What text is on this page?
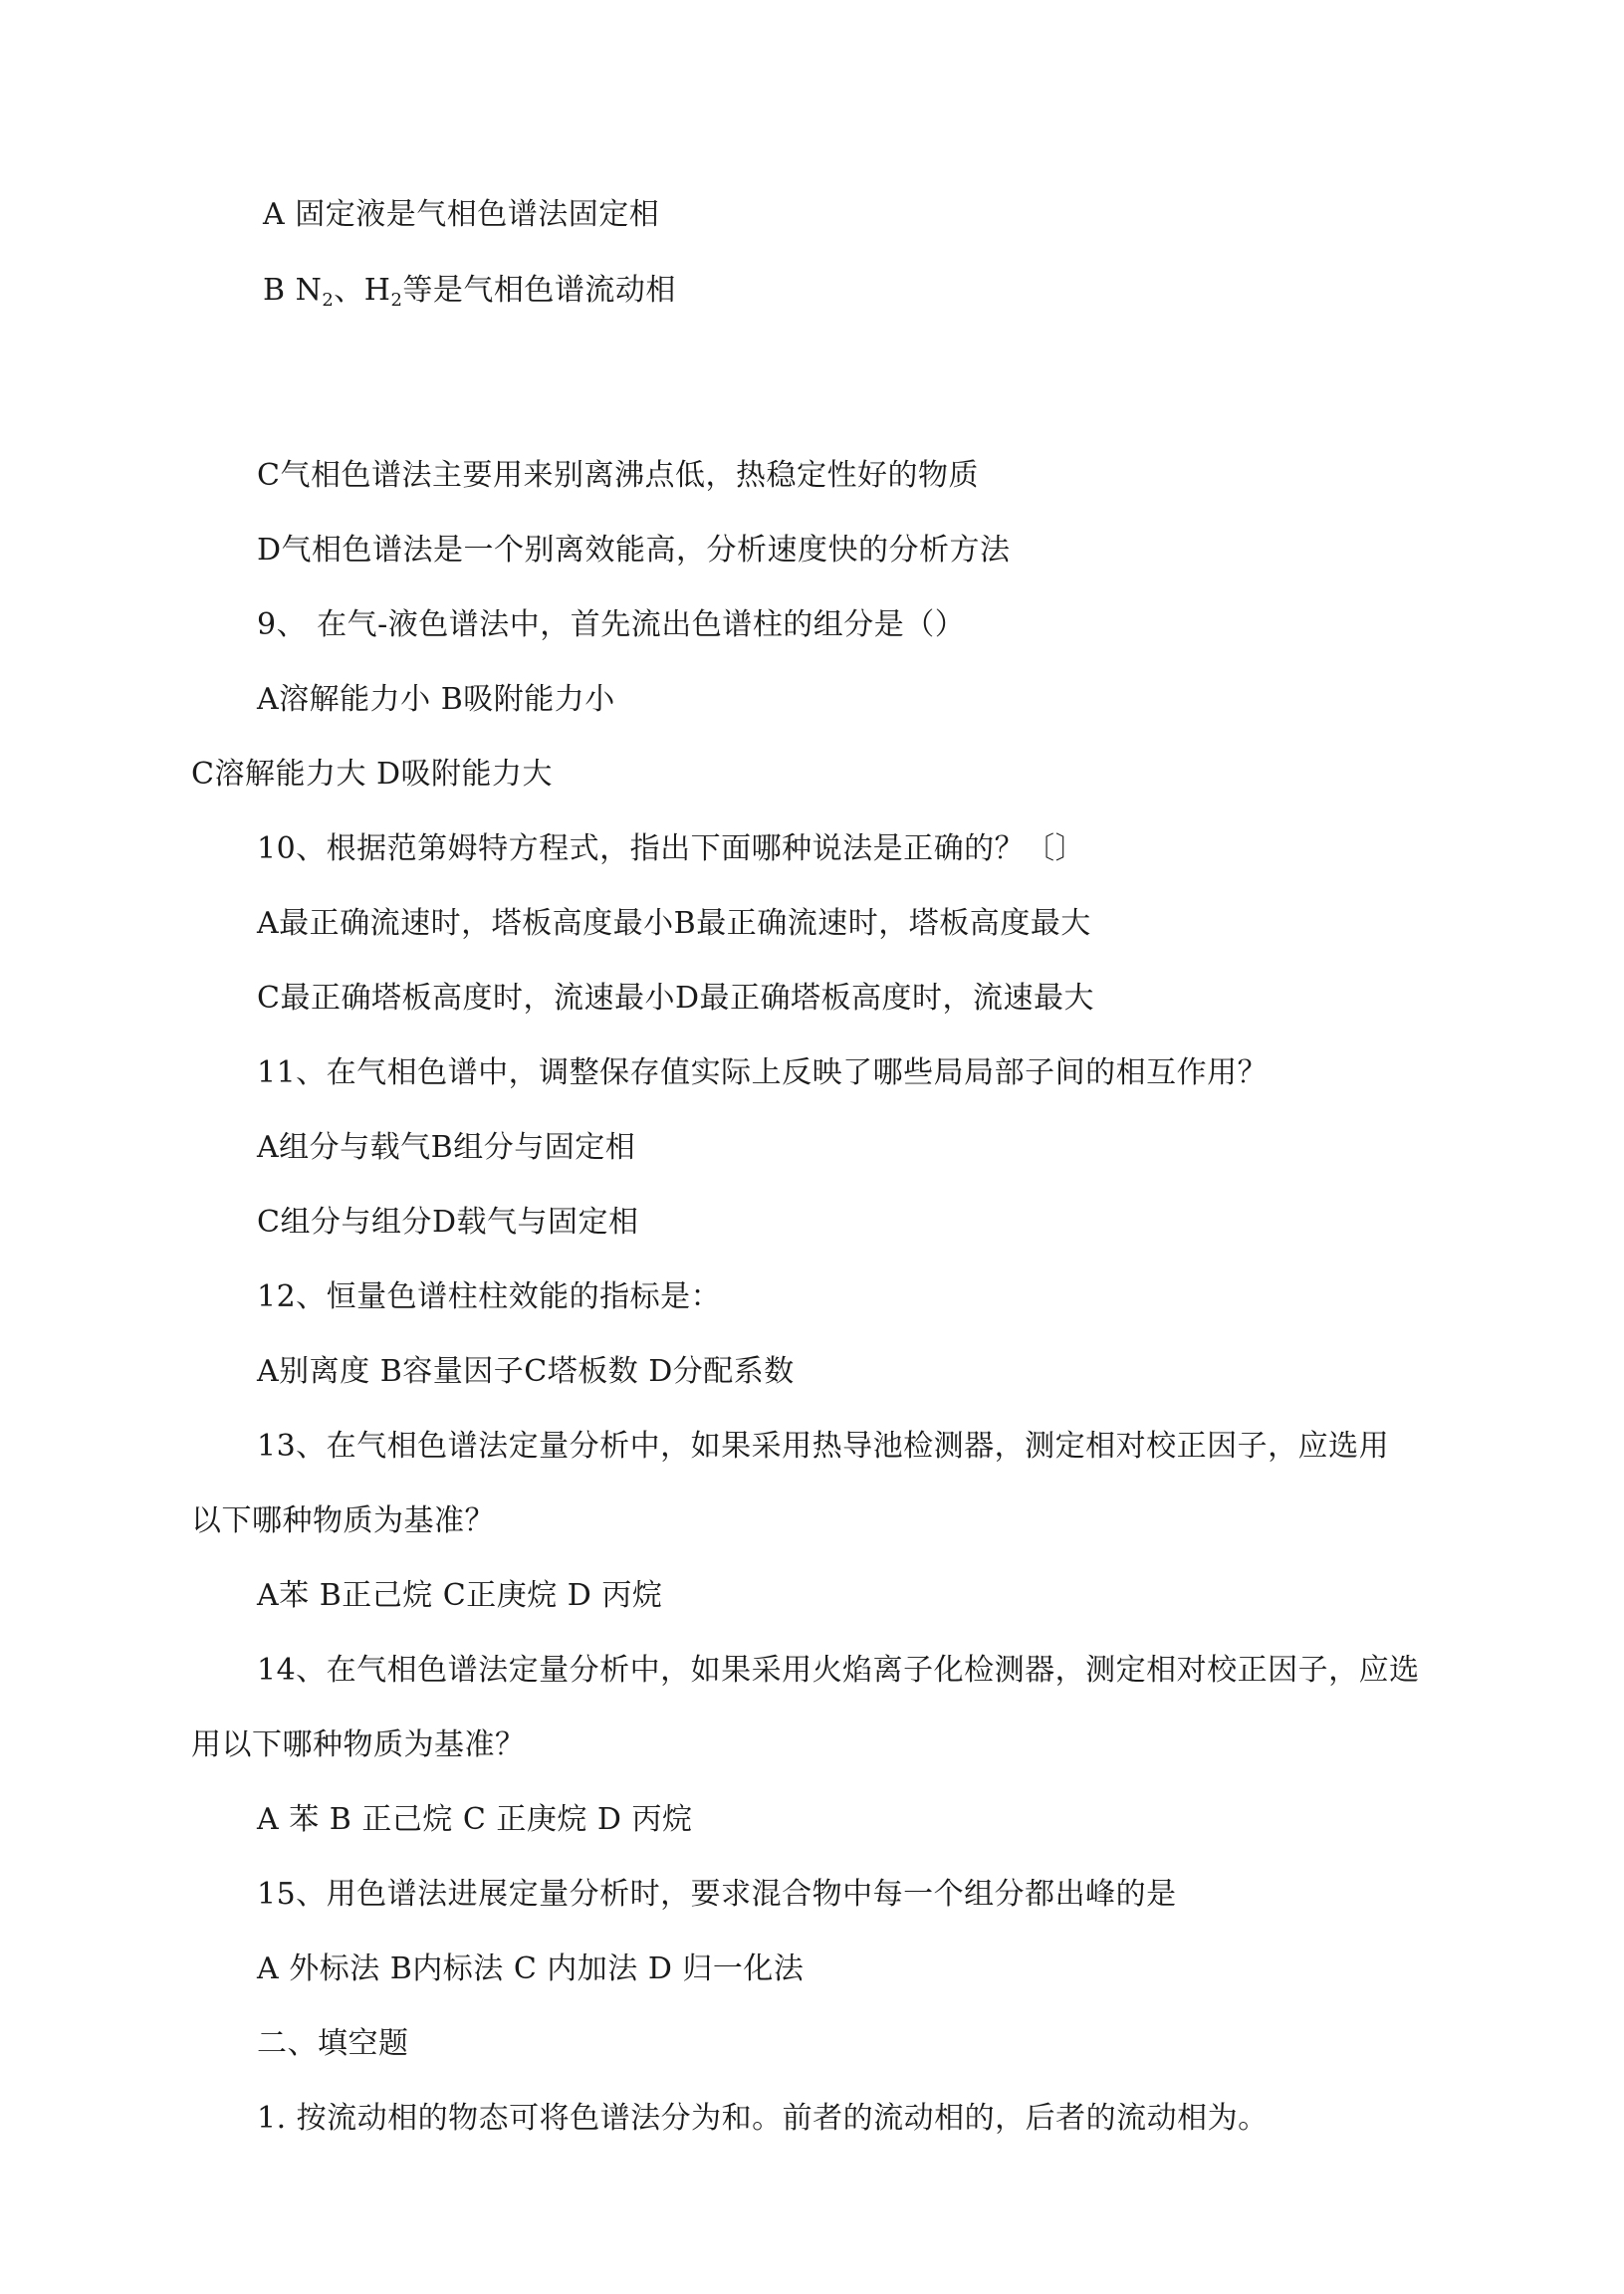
A 固定液是气相色谱法固定相
B $N_2$、$H_2$等是气相色谱流动相
C气相色谱法主要用来别离沸点低，热稳定性好的物质
D气相色谱法是一个别离效能高，分析速度快的分析方法
9、 在气-液色谱法中，首先流出色谱柱的组分是（）
A溶解能力小 B吸附能力小
C溶解能力大 D吸附能力大
10、根据范第姆特方程式，指出下面哪种说法是正确的？〔〕
A最正确流速时，塔板高度最小B最正确流速时，塔板高度最大
C最正确塔板高度时，流速最小D最正确塔板高度时，流速最大
11、在气相色谱中，调整保存值实际上反映了哪些局局部子间的相互作用？
A组分与载气B组分与固定相
C组分与组分D载气与固定相
12、恒量色谱柱柱效能的指标是：
A别离度 B容量因子C塔板数 D分配系数
13、在气相色谱法定量分析中，如果采用热导池检测器，测定相对校正因子，应选用
以下哪种物质为基准？
A苯 B正己烷 C正庚烷 D 丙烷
14、在气相色谱法定量分析中，如果采用火焰离子化检测器，测定相对校正因子，应选
用以下哪种物质为基准？
A 苯 B 正己烷 C 正庚烷 D 丙烷
15、用色谱法进展定量分析时，要求混合物中每一个组分都出峰的是
A 外标法 B内标法 C 内加法 D 归一化法
二、填空题
1. 按流动相的物态可将色谱法分为和。前者的流动相的，后者的流动相为。
